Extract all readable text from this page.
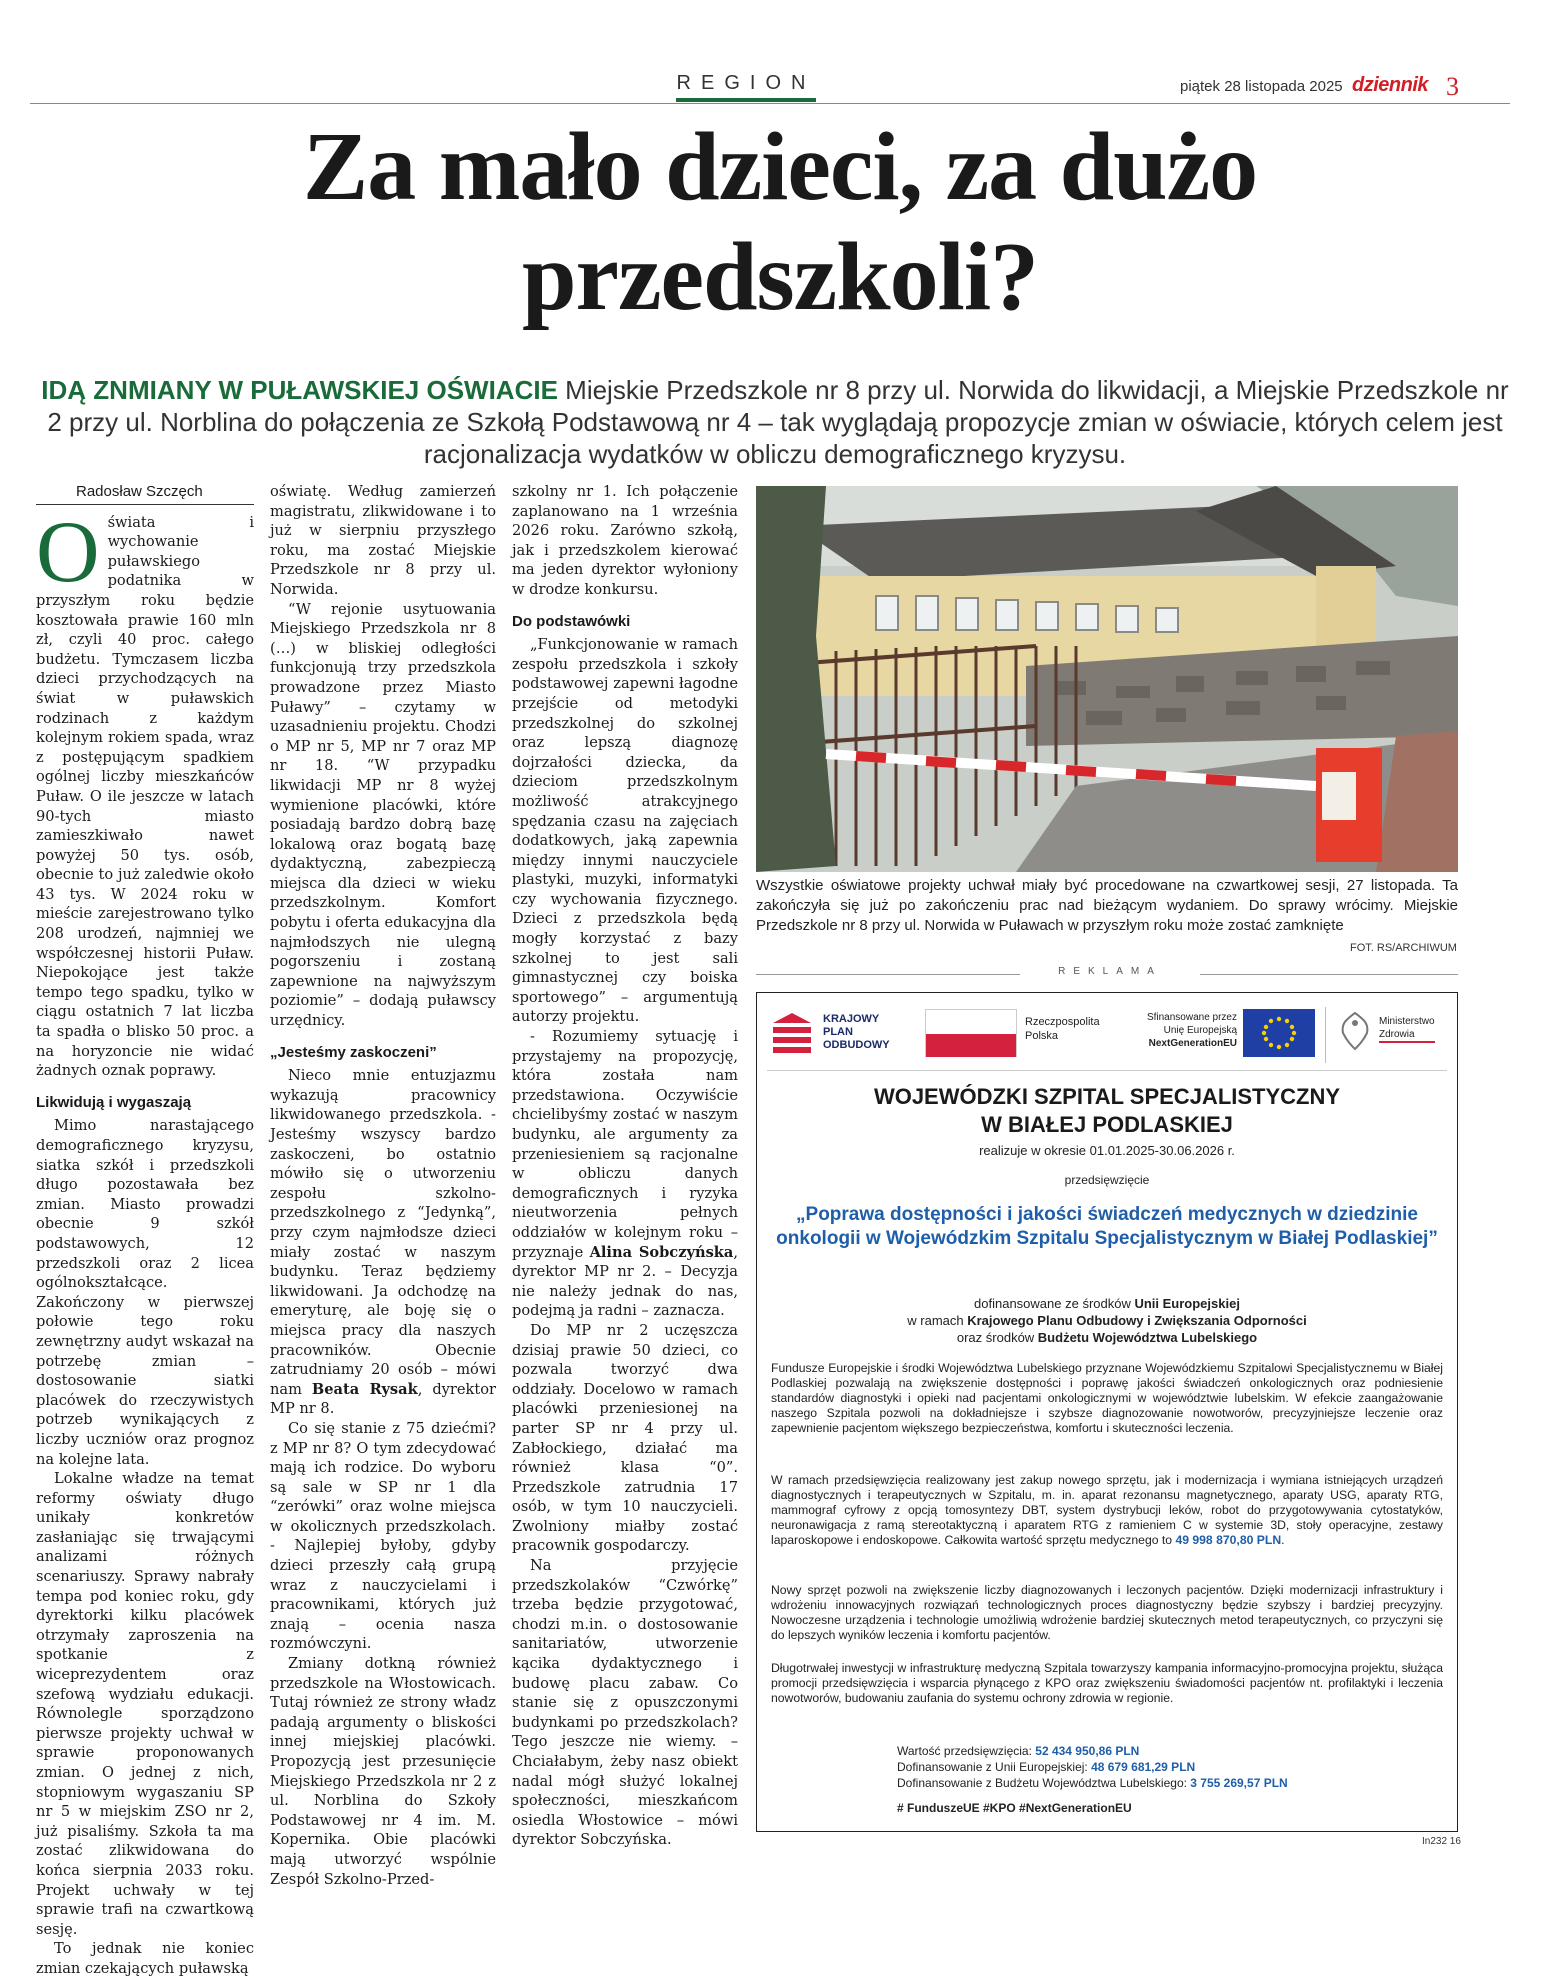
REGION	piątek 28 listopada 2025 dziennik 3
Za mało dzieci, za dużo przedszkoli?
IDĄ ZNMIANY W PUŁAWSKIEJ OŚWIACIE Miejskie Przedszkole nr 8 przy ul. Norwida do likwidacji, a Miejskie Przedszkole nr 2 przy ul. Norblina do połączenia ze Szkołą Podstawową nr 4 – tak wyglądają propozycje zmian w oświacie, których celem jest racjonalizacja wydatków w obliczu demograficznego kryzysu.
Radosław Szczęch

Oświatа i wychowanie puławskiego podatnika w przyszłym roku będzie kosztowała prawie 160 mln zł, czyli 40 proc. całego budżetu. Tymczasem liczba dzieci przychodzących na świat w puławskich rodzinach z każdym kolejnym rokiem spada, wraz z postępującym spadkiem ogólnej liczby mieszkańców Puław. O ile jeszcze w latach 90-tych miasto zamieszkiwało nawet powyżej 50 tys. osób, obecnie to już zaledwie około 43 tys. W 2024 roku w mieście zarejestrowano tylko 208 urodzeń, najmniej we współczesnej historii Puław. Niepokojące jest także tempo tego spadku, tylko w ciągu ostatnich 7 lat liczba ta spadła o blisko 50 proc. a na horyzoncie nie widać żadnych oznak poprawy.

Likwidują i wygaszają

Mimo narastającego demograficznego kryzysu, siatka szkół i przedszkoli długo pozostawała bez zmian. Miasto prowadzi obecnie 9 szkół podstawowych, 12 przedszkoli oraz 2 licea ogólnokształcące. Zakończony w pierwszej połowie tego roku zewnętrzny audyt wskazał na potrzebę zmian – dostosowanie siatki placówek do rzeczywistych potrzeb wynikających z liczby uczniów oraz prognoz na kolejne lata.

Lokalne władze na temat reformy oświaty długo unikały konkretów zasłaniając się trwającymi analizami różnych scenariuszy. Sprawy nabrały tempa pod koniec roku, gdy dyrektorki kilku placówek otrzymały zaproszenia na spotkanie z wiceprezydentem oraz szefową wydziału edukacji. Równolegle sporządzono pierwsze projekty uchwał w sprawie proponowanych zmian. O jednej z nich, stopniowym wygaszaniu SP nr 5 w miejskim ZSO nr 2, już pisaliśmy. Szkoła ta ma zostać zlikwidowana do końca sierpnia 2033 roku. Projekt uchwały w tej sprawie trafi na czwartkową sesję.

To jednak nie koniec zmian czekających puławską

oświatę. Według zamierzeń magistratu, zlikwidowane i to już w sierpniu przyszłego roku, ma zostać Miejskie Przedszkole nr 8 przy ul. Norwida.

“W rejonie usytuowania Miejskiego Przedszkola nr 8 (…) w bliskiej odległości funkcjonują trzy przedszkola prowadzone przez Miasto Puławy” – czytamy w uzasadnieniu projektu. Chodzi o MP nr 5, MP nr 7 oraz MP nr 18. “W przypadku likwidacji MP nr 8 wyżej wymienione placówki, które posiadają bardzo dobrą bazę lokalową oraz bogatą bazę dydaktyczną, zabezpieczą miejsca dla dzieci w wieku przedszkolnym. Komfort pobytu i oferta edukacyjna dla najmłodszych nie ulegną pogorszeniu i zostaną zapewnione na najwyższym poziomie” – dodają puławscy urzędnicy.

„Jesteśmy zaskoczeni”

Nieco mnie entuzjazmu wykazują pracownicy likwidowanego przedszkola. - Jesteśmy wszyscy bardzo zaskoczeni, bo ostatnio mówiło się o utworzeniu zespołu szkolno-przedszkolnego z “Jedynką”, przy czym najmłodsze dzieci miały zostać w naszym budynku. Teraz będziemy likwidowani. Ja odchodzę na emeryturę, ale boję się o miejsca pracy dla naszych pracowników. Obecnie zatrudniamy 20 osób – mówi nam Beata Rysak, dyrektor MP nr 8.

Co się stanie z 75 dziećmi? z MP nr 8? O tym zdecydować mają ich rodzice. Do wyboru są sale w SP nr 1 dla “zerówki” oraz wolne miejsca w okolicznych przedszkolach. - Najlepiej byłoby, gdyby dzieci przeszły całą grupą wraz z nauczycielami i pracownikami, których już znają – ocenia nasza rozmówczyni.

Zmiany dotkną również przedszkole na Włostowicach. Tutaj również ze strony władz padają argumenty o bliskości innej miejskiej placówki. Propozycją jest przesunięcie Miejskiego Przedszkola nr 2 z ul. Norblina do Szkoły Podstawowej nr 4 im. M. Kopernika. Obie placówki mają utworzyć wspólnie Zespół Szkolno-Przed-

szkolny nr 1. Ich połączenie zaplanowano na 1 września 2026 roku. Zarówno szkołą, jak i przedszkolem kierować ma jeden dyrektor wyłoniony w drodze konkursu.

Do podstawówki

„Funkcjonowanie w ramach zespołu przedszkola i szkoły podstawowej zapewni łagodne przejście od metodyki przedszkolnej do szkolnej oraz lepszą diagnozę dojrzałości dziecka, da dzieciom przedszkolnym możliwość atrakcyjnego spędzania czasu na zajęciach dodatkowych, jaką zapewnia między innymi nauczyciele plastyki, muzyki, informatyki czy wychowania fizycznego. Dzieci z przedszkola będą mogły korzystać z bazy szkolnej to jest sali gimnastycznej czy boiska sportowego” – argumentują autorzy projektu.

- Rozumiemy sytuację i przystajemy na propozycję, która została nam przedstawiona. Oczywiście chcielibyśmy zostać w naszym budynku, ale argumenty za przeniesieniem są racjonalne w obliczu danych demograficznych i ryzyka nieutworzenia pełnych oddziałów w kolejnym roku – przyznaje Alina Sobczyńska, dyrektor MP nr 2. – Decyzja nie należy jednak do nas, podejmą ja radni – zaznacza.

Do MP nr 2 uczęszcza dzisiaj prawie 50 dzieci, co pozwala tworzyć dwa oddziały. Docelowo w ramach placówki przeniesionej na parter SP nr 4 przy ul. Zabłockiego, działać ma również klasa “0”. Przedszkole zatrudnia 17 osób, w tym 10 nauczycieli. Zwolniony miałby zostać pracownik gospodarczy.

Na przyjęcie przedszkolaków “Czwórkę” trzeba będzie przygotować, chodzi m.in. o dostosowanie sanitariatów, utworzenie kącika dydaktycznego i budowę placu zabaw. Co stanie się z opuszczonymi budynkami po przedszkolach? Tego jeszcze nie wiemy. – Chciałabym, żeby nasz obiekt nadal mógł służyć lokalnej społeczności, mieszkańcom osiedla Włostowice – mówi dyrektor Sobczyńska.

Wszystkie oświatowe projekty uchwał miały być procedowane na czwartkowej sesji, 27 listopada. Ta zakończyła się już po zakończeniu prac nad bieżącym wydaniem. Do sprawy wrócimy. Miejskie Przedszkole nr 8 przy ul. Norwida w Puławach w przyszłym roku może zostać zamknięte
FOT. RS/ARCHIWUM
REKLAMA
KRAJOWY
PLAN
ODBUDOWY
Rzeczpospolita
Polska
Sfinansowane przez
Unię Europejską
NextGenerationEU
Ministerstwo
Zdrowia
WOJEWÓDZKI SZPITAL SPECJALISTYCZNY
W BIAŁEJ PODLASKIEJ
realizuje w okresie 01.01.2025-30.06.2026 r.
przedsięwzięcie
„Poprawa dostępności i jakości świadczeń medycznych w dziedzinie onkologii w Wojewódzkim Szpitalu Specjalistycznym w Białej Podlaskiej”
dofinansowane ze środków Unii Europejskiej
w ramach Krajowego Planu Odbudowy i Zwiększania Odporności
oraz środków Budżetu Województwa Lubelskiego
Fundusze Europejskie i środki Województwa Lubelskiego przyznane Wojewódzkiemu Szpitalowi Specjalistycznemu w Białej Podlaskiej pozwalają na zwiększenie dostępności i poprawę jakości świadczeń onkologicznych oraz podniesienie standardów diagnostyki i opieki nad pacjentami onkologicznymi w województwie lubelskim. W efekcie zaangażowanie naszego Szpitala pozwoli na dokładniejsze i szybsze diagnozowanie nowotworów, precyzyjniejsze leczenie oraz zapewnienie pacjentom większego bezpieczeństwa, komfortu i skuteczności leczenia.
W ramach przedsięwzięcia realizowany jest zakup nowego sprzętu, jak i modernizacja i wymiana istniejących urządzeń diagnostycznych i terapeutycznych w Szpitalu, m. in. aparat rezonansu magnetycznego, aparaty USG, aparaty RTG, mammograf cyfrowy z opcją tomosyntezy DBT, system dystrybucji leków, robot do przygotowywania cytostatyków, neuronawigacja z ramą stereotaktyczną i aparatem RTG z ramieniem C w systemie 3D, stoły operacyjne, zestawy laparoskopowe i endoskopowe. Całkowita wartość sprzętu medycznego to 49 998 870,80 PLN.
Nowy sprzęt pozwoli na zwiększenie liczby diagnozowanych i leczonych pacjentów. Dzięki modernizacji infrastruktury i wdrożeniu innowacyjnych rozwiązań technologicznych proces diagnostyczny będzie szybszy i bardziej precyzyjny. Nowoczesne urządzenia i technologie umożliwią wdrożenie bardziej skutecznych metod terapeutycznych, co przyczyni się do lepszych wyników leczenia i komfortu pacjentów.
Długotrwałej inwestycji w infrastrukturę medyczną Szpitala towarzyszy kampania informacyjno-promocyjna projektu, służąca promocji przedsięwzięcia i wsparcia płynącego z KPO oraz zwiększeniu świadomości pacjentów nt. profilaktyki i leczenia nowotworów, budowaniu zaufania do systemu ochrony zdrowia w regionie.
Wartość przedsięwzięcia: 52 434 950,86 PLN
Dofinansowanie z Unii Europejskiej: 48 679 681,29 PLN
Dofinansowanie z Budżetu Województwa Lubelskiego: 3 755 269,57 PLN
# FunduszeUE #KPO #NextGenerationEU
In232 16
